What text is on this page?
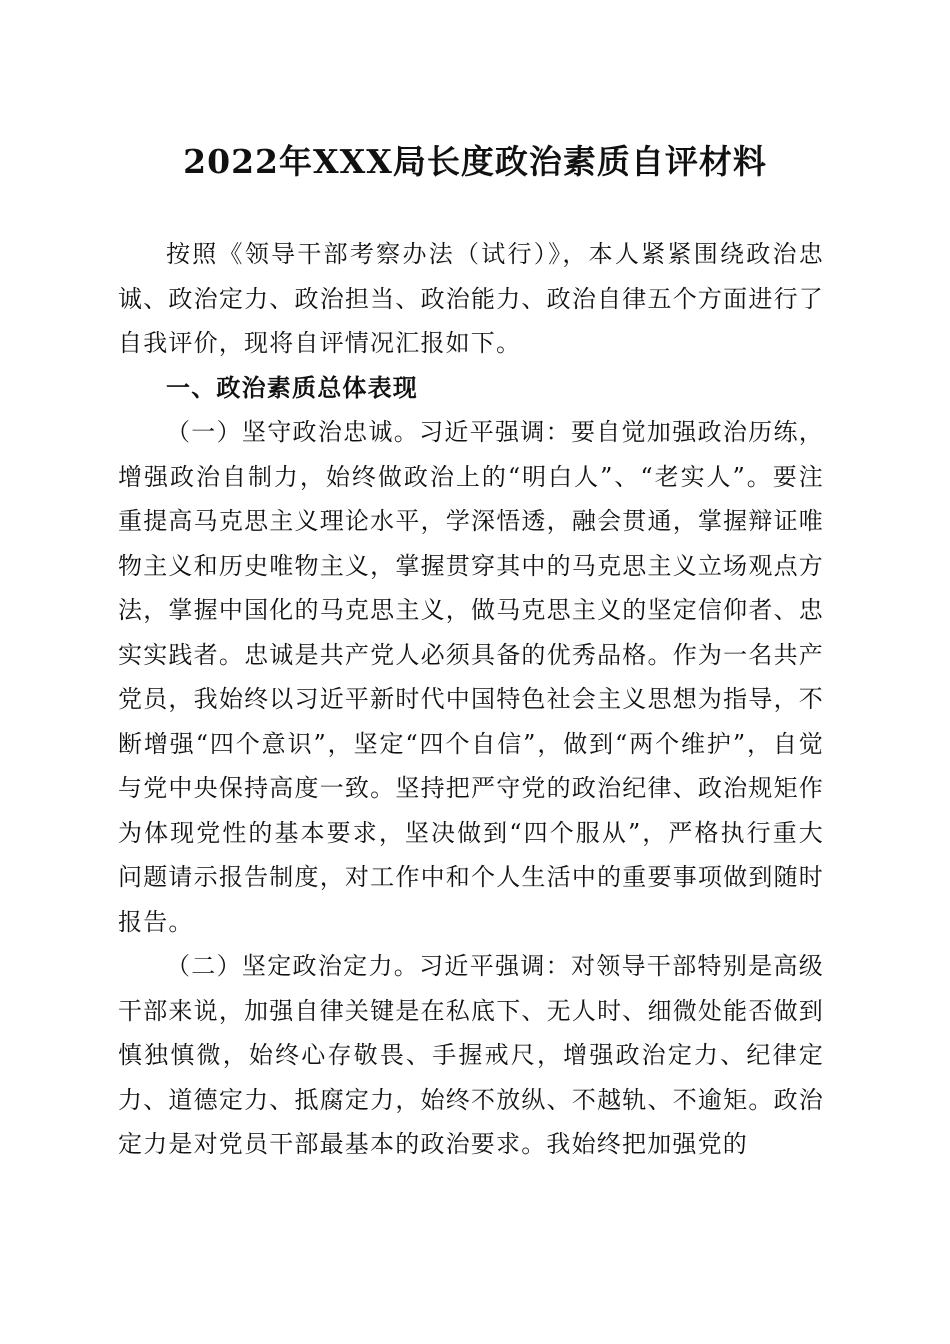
2022年XXX局长度政治素质自评材料

按照《领导干部考察办法（试行）》，本人紧紧围绕政治忠诚、政治定力、政治担当、政治能力、政治自律五个方面进行了自我评价，现将自评情况汇报如下。

一、政治素质总体表现

（一）坚守政治忠诚。习近平强调：要自觉加强政治历练，增强政治自制力，始终做政治上的“明白人”、“老实人”。要注重提高马克思主义理论水平，学深悟透，融会贯通，掌握辩证唯物主义和历史唯物主义，掌握贯穿其中的马克思主义立场观点方法，掌握中国化的马克思主义，做马克思主义的坚定信仰者、忠实实践者。忠诚是共产党人必须具备的优秀品格。作为一名共产党员，我始终以习近平新时代中国特色社会主义思想为指导，不断增强“四个意识”，坚定“四个自信”，做到“两个维护”，自觉与党中央保持高度一致。坚持把严守党的政治纪律、政治规矩作为体现党性的基本要求，坚决做到“四个服从”，严格执行重大问题请示报告制度，对工作中和个人生活中的重要事项做到随时报告。

（二）坚定政治定力。习近平强调：对领导干部特别是高级干部来说，加强自律关键是在私底下、无人时、细微处能否做到慎独慎微，始终心存敬畏、手握戒尺，增强政治定力、纪律定力、道德定力、抵腐定力，始终不放纵、不越轨、不逾矩。政治定力是对党员干部最基本的政治要求。我始终把加强党的
